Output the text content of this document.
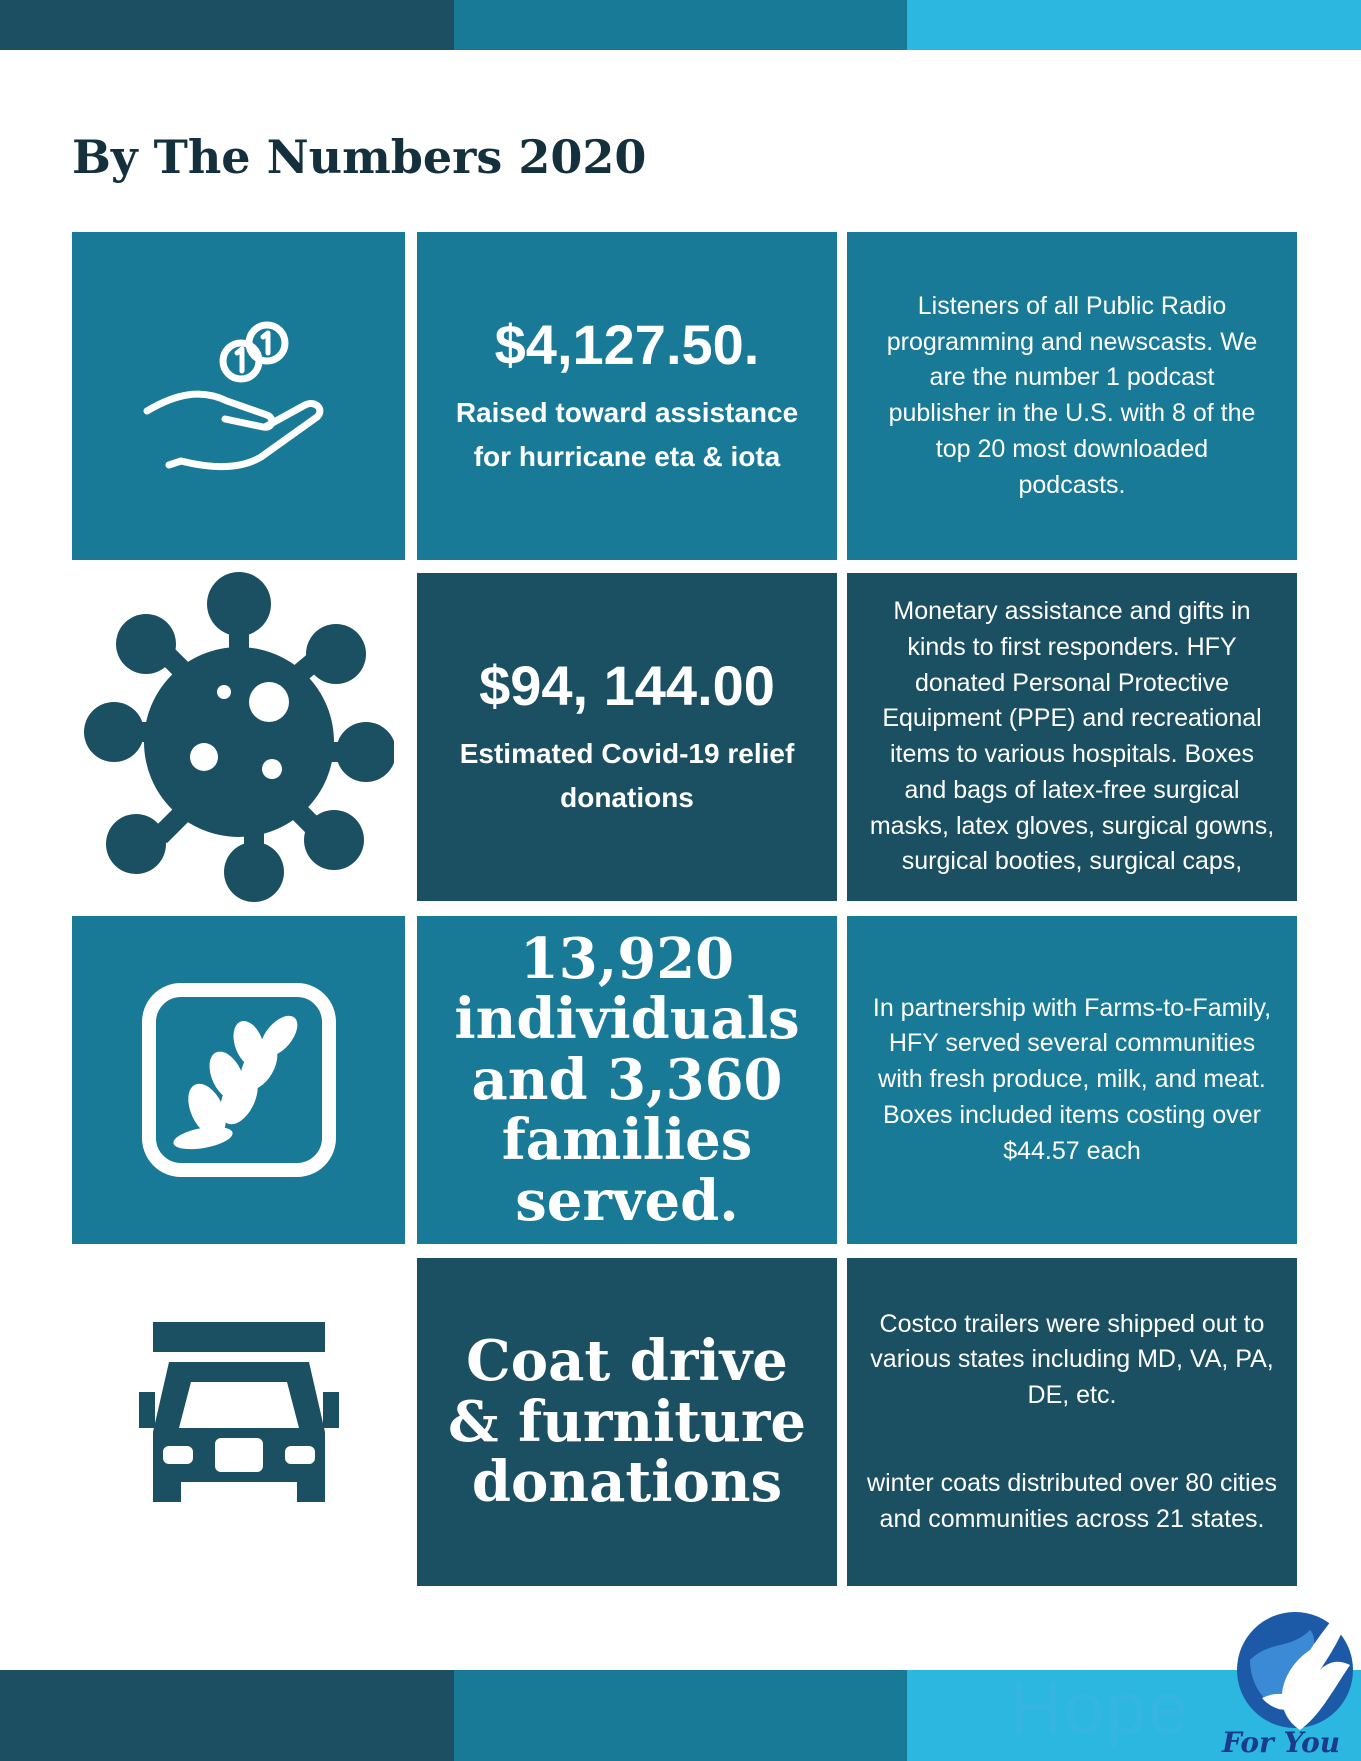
By The Numbers 2020
$4,127.50.
Raised toward assistance for hurricane eta & iota
Listeners of all Public Radio programming and newscasts. We are the number 1 podcast publisher in the U.S. with 8 of the top 20 most downloaded podcasts.
$94, 144.00
Estimated Covid-19 relief donations
Monetary assistance and gifts in kinds to first responders. HFY donated Personal Protective Equipment (PPE) and recreational items to various hospitals. Boxes and bags of latex-free surgical masks, latex gloves, surgical gowns, surgical booties, surgical caps,
13,920 individuals and 3,360 families served.
In partnership with Farms-to-Family, HFY served several communities with fresh produce, milk, and meat. Boxes included items costing over $44.57 each
Coat drive & furniture donations

Costco trailers were shipped out to various states including MD, VA, PA, DE, etc.

winter coats distributed over 80 cities and communities across 21 states.

Hope For You
